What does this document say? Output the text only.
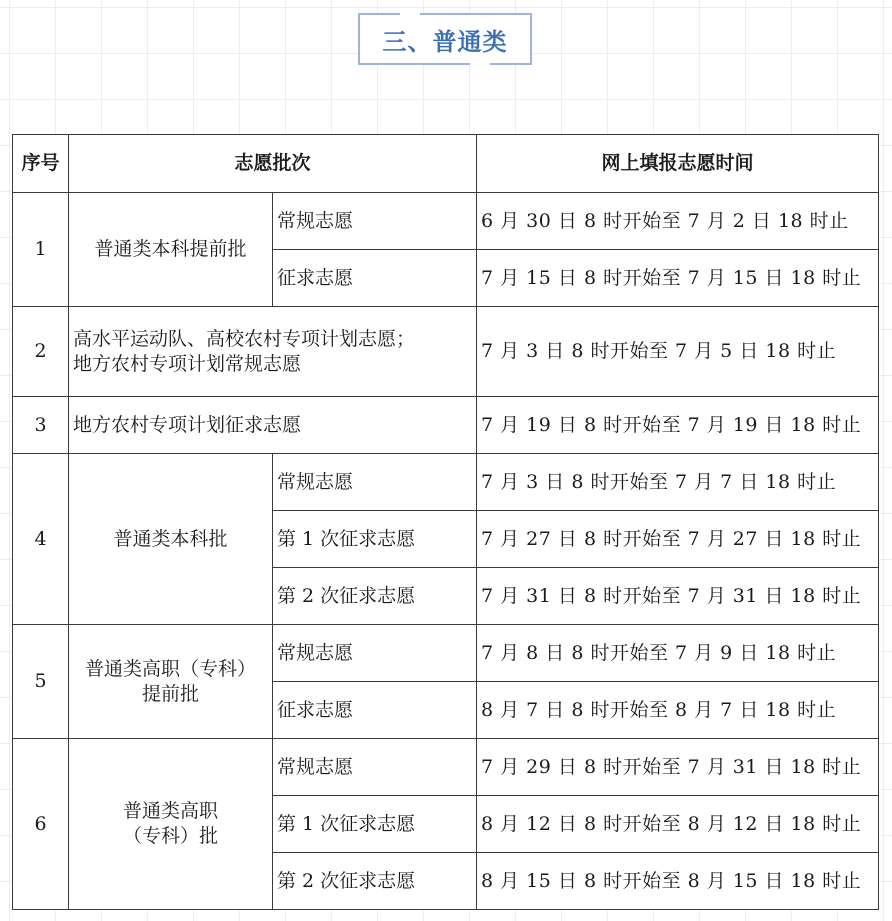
三、普通类
序号	志愿批次		网上填报志愿时间
1	普通类本科提前批	常规志愿	6 月 30 日 8 时开始至 7 月 2 日 18 时止
		征求志愿	7 月 15 日 8 时开始至 7 月 15 日 18 时止
2	高水平运动队、高校农村专项计划志愿；
地方农村专项计划常规志愿		7 月 3 日 8 时开始至 7 月 5 日 18 时止
3	地方农村专项计划征求志愿		7 月 19 日 8 时开始至 7 月 19 日 18 时止
4	普通类本科批	常规志愿	7 月 3 日 8 时开始至 7 月 7 日 18 时止
		第 1 次征求志愿	7 月 27 日 8 时开始至 7 月 27 日 18 时止
		第 2 次征求志愿	7 月 31 日 8 时开始至 7 月 31 日 18 时止
5	普通类高职（专科）
提前批	常规志愿	7 月 8 日 8 时开始至 7 月 9 日 18 时止
		征求志愿	8 月 7 日 8 时开始至 8 月 7 日 18 时止
6	普通类高职
（专科）批	常规志愿	7 月 29 日 8 时开始至 7 月 31 日 18 时止
		第 1 次征求志愿	8 月 12 日 8 时开始至 8 月 12 日 18 时止
		第 2 次征求志愿	8 月 15 日 8 时开始至 8 月 15 日 18 时止
